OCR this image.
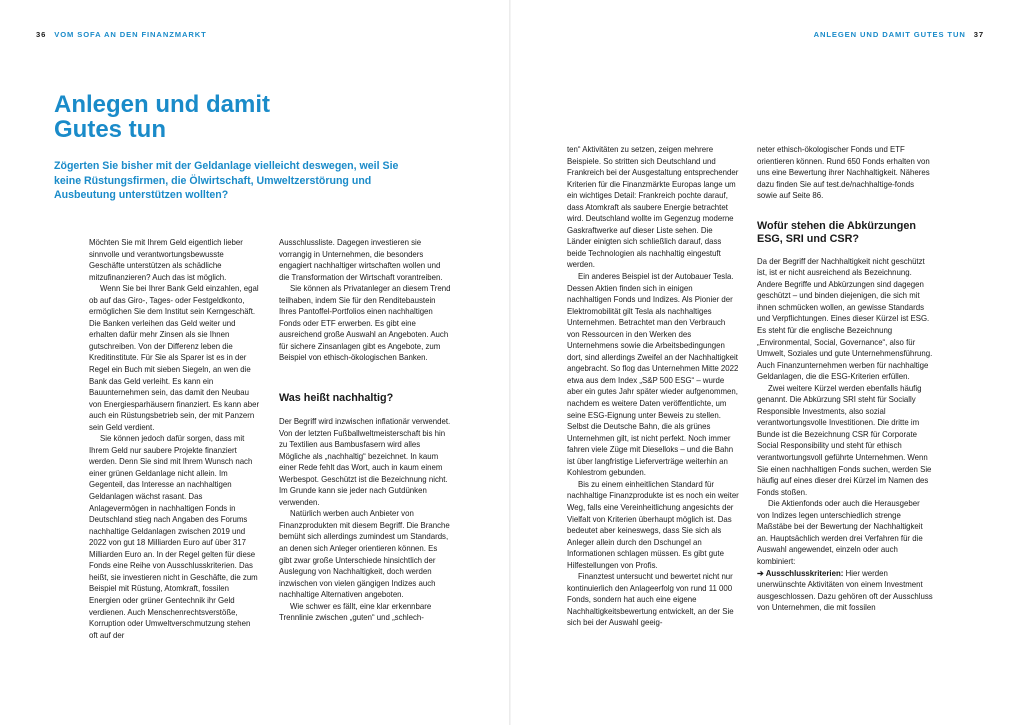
36 VOM SOFA AN DEN FINANZMARKT	ANLEGEN UND DAMIT GUTES TUN 37
Anlegen und damit
Gutes tun

Zögerten Sie bisher mit der Geldanlage vielleicht deswegen, weil Sie keine Rüstungsfirmen, die Ölwirtschaft, Umweltzerstörung und Ausbeutung unterstützen wollten?

Möchten Sie mit Ihrem Geld eigentlich lieber sinnvolle und verantwortungsbewusste Geschäfte unterstützen als schädliche mitzufinanzieren? Auch das ist möglich.

Wenn Sie bei Ihrer Bank Geld einzahlen, egal ob auf das Giro-, Tages- oder Festgeldkonto, ermöglichen Sie dem Institut sein Kerngeschäft. Die Banken verleihen das Geld weiter und erhalten dafür mehr Zinsen als sie Ihnen gutschreiben. Von der Differenz leben die Kreditinstitute. Für Sie als Sparer ist es in der Regel ein Buch mit sieben Siegeln, an wen die Bank das Geld verleiht. Es kann ein Bauunternehmen sein, das damit den Neubau von Energiesparhäusern finanziert. Es kann aber auch ein Rüstungsbetrieb sein, der mit Panzern sein Geld verdient.

Sie können jedoch dafür sorgen, dass mit Ihrem Geld nur saubere Projekte finanziert werden. Denn Sie sind mit Ihrem Wunsch nach einer grünen Geldanlage nicht allein. Im Gegenteil, das Interesse an nachhaltigen Geldanlagen wächst rasant. Das Anlagevermögen in nachhaltigen Fonds in Deutschland stieg nach Angaben des Forums nachhaltige Geldanlagen zwischen 2019 und 2022 von gut 18 Milliarden Euro auf über 317 Milliarden Euro an. In der Regel gelten für diese Fonds eine Reihe von Ausschlusskriterien. Das heißt, sie investieren nicht in Geschäfte, die zum Beispiel mit Rüstung, Atomkraft, fossilen Energien oder grüner Gentechnik ihr Geld verdienen. Auch Menschenrechtsverstöße, Korruption oder Umweltverschmutzung stehen oft auf der

Ausschlussliste. Dagegen investieren sie vorrangig in Unternehmen, die besonders engagiert nachhaltiger wirtschaften wollen und die Transformation der Wirtschaft vorantreiben.

Sie können als Privatanleger an diesem Trend teilhaben, indem Sie für den Renditebaustein Ihres Pantoffel-Portfolios einen nachhaltigen Fonds oder ETF erwerben. Es gibt eine ausreichend große Auswahl an Angeboten. Auch für sichere Zinsanlagen gibt es Angebote, zum Beispiel von ethisch-ökologischen Banken.

Was heißt nachhaltig?

Der Begriff wird inzwischen inflationär verwendet. Von der letzten Fußballweltmeisterschaft bis hin zu Textilien aus Bambusfasern wird alles Mögliche als „nachhaltig“ bezeichnet. In kaum einer Rede fehlt das Wort, auch in kaum einem Werbespot. Geschützt ist die Bezeichnung nicht. Im Grunde kann sie jeder nach Gutdünken verwenden.

Natürlich werben auch Anbieter von Finanzprodukten mit diesem Begriff. Die Branche bemüht sich allerdings zumindest um Standards, an denen sich Anleger orientieren können. Es gibt zwar große Unterschiede hinsichtlich der Auslegung von Nachhaltigkeit, doch werden inzwischen von vielen gängigen Indizes auch nachhaltige Alternativen angeboten.

Wie schwer es fällt, eine klar erkennbare Trennlinie zwischen „guten“ und „schlech-

ten“ Aktivitäten zu setzen, zeigen mehrere Beispiele. So stritten sich Deutschland und Frankreich bei der Ausgestaltung entsprechender Kriterien für die Finanzmärkte Europas lange um ein wichtiges Detail: Frankreich pochte darauf, dass Atomkraft als saubere Energie betrachtet wird. Deutschland wollte im Gegenzug moderne Gaskraftwerke auf dieser Liste sehen. Die Länder einigten sich schließlich darauf, dass beide Technologien als nachhaltig eingestuft werden.

Ein anderes Beispiel ist der Autobauer Tesla. Dessen Aktien finden sich in einigen nachhaltigen Fonds und Indizes. Als Pionier der Elektromobilität gilt Tesla als nachhaltiges Unternehmen. Betrachtet man den Verbrauch von Ressourcen in den Werken des Unternehmens sowie die Arbeitsbedingungen dort, sind allerdings Zweifel an der Nachhaltigkeit angebracht. So flog das Unternehmen Mitte 2022 etwa aus dem Index „S&P 500 ESG“ – wurde aber ein gutes Jahr später wieder aufgenommen, nachdem es weitere Daten veröffentlichte, um seine ESG-Eignung unter Beweis zu stellen. Selbst die Deutsche Bahn, die als grünes Unternehmen gilt, ist nicht perfekt. Noch immer fahren viele Züge mit Dieselloks – und die Bahn ist über langfristige Lieferverträge weiterhin an Kohlestrom gebunden.

Bis zu einem einheitlichen Standard für nachhaltige Finanzprodukte ist es noch ein weiter Weg, falls eine Vereinheitlichung angesichts der Vielfalt von Kriterien überhaupt möglich ist. Das bedeutet aber keineswegs, dass Sie sich als Anleger allein durch den Dschungel an Informationen schlagen müssen. Es gibt gute Hilfestellungen von Profis.

Finanztest untersucht und bewertet nicht nur kontinuierlich den Anlageerfolg von rund 11 000 Fonds, sondern hat auch eine eigene Nachhaltigkeitsbewertung entwickelt, an der Sie sich bei der Auswahl geeig-

neter ethisch-ökologischer Fonds und ETF orientieren können. Rund 650 Fonds erhalten von uns eine Bewertung ihrer Nachhaltigkeit. Näheres dazu finden Sie auf test.de/nachhaltige-fonds sowie auf Seite 86.

Wofür stehen die Abkürzungen ESG, SRI und CSR?

Da der Begriff der Nachhaltigkeit nicht geschützt ist, ist er nicht ausreichend als Bezeichnung. Andere Begriffe und Abkürzungen sind dagegen geschützt – und binden diejenigen, die sich mit ihnen schmücken wollen, an gewisse Standards und Verpflichtungen. Eines dieser Kürzel ist ESG. Es steht für die englische Bezeichnung „Environmental, Social, Governance“, also für Umwelt, Soziales und gute Unternehmensführung. Auch Finanzunternehmen werben für nachhaltige Geldanlagen, die die ESG-Kriterien erfüllen.

Zwei weitere Kürzel werden ebenfalls häufig genannt. Die Abkürzung SRI steht für Socially Responsible Investments, also sozial verantwortungsvolle Investitionen. Die dritte im Bunde ist die Bezeichnung CSR für Corporate Social Responsibility und steht für ethisch verantwortungsvoll geführte Unternehmen. Wenn Sie einen nachhaltigen Fonds suchen, werden Sie häufig auf eines dieser drei Kürzel im Namen des Fonds stoßen.

Die Aktienfonds oder auch die Herausgeber von Indizes legen unterschiedlich strenge Maßstäbe bei der Bewertung der Nachhaltigkeit an. Hauptsächlich werden drei Verfahren für die Auswahl angewendet, einzeln oder auch kombiniert:

➔ Ausschlusskriterien: Hier werden unerwünschte Aktivitäten von einem Investment ausgeschlossen. Dazu gehören oft der Ausschluss von Unternehmen, die mit fossilen
